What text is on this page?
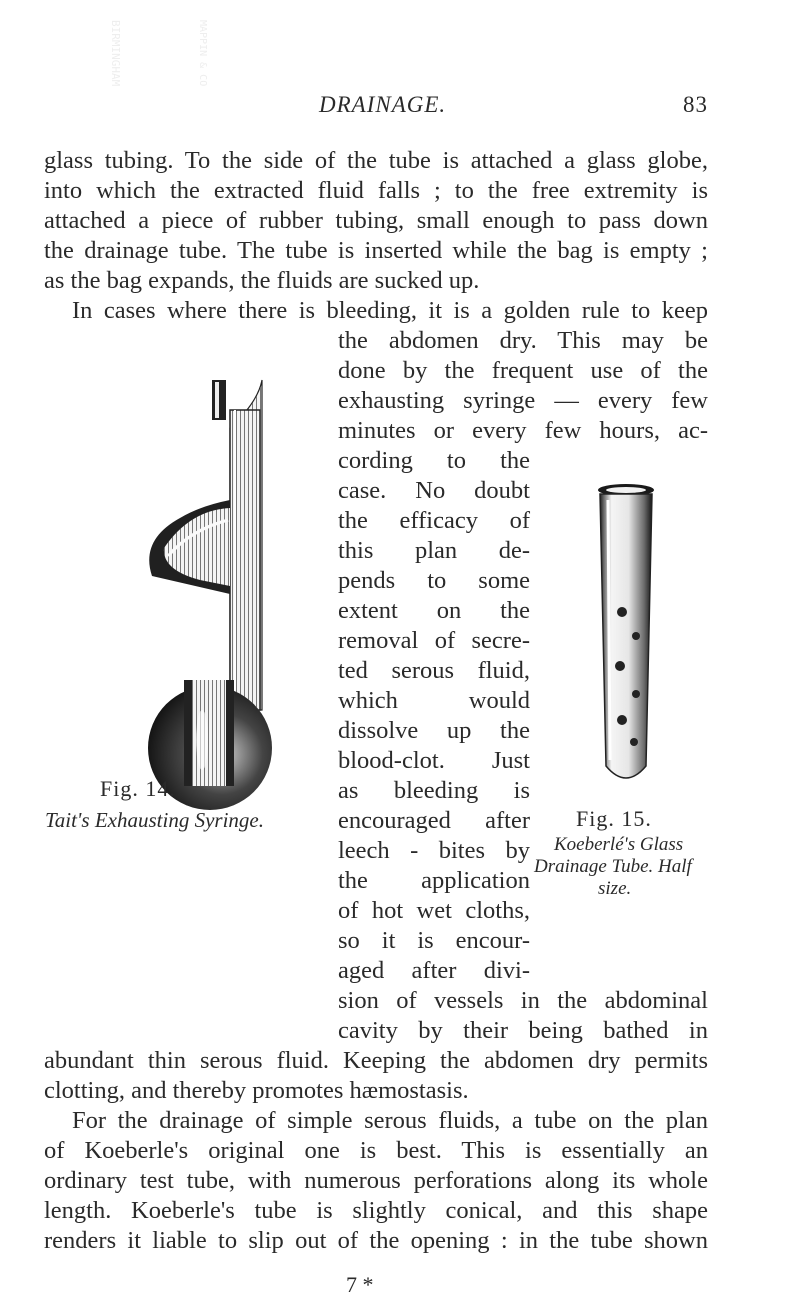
DRAINAGE.	83
glass tubing. To the side of the tube is attached a glass globe,
into which the extracted fluid falls ; to the free extremity is
attached a piece of rubber tubing, small enough to pass down
the drainage tube. The tube is inserted while the bag is empty ;
as the bag expands, the fluids are sucked up.
In cases where there is bleeding, it is a golden rule to keep
the abdomen dry. This may be
done by the frequent use of the
exhausting syringe — every few
minutes or every few hours, ac-
cording to the
case. No doubt
the efficacy of
this plan de-
pends to some
extent on the
removal of secre-
ted serous fluid,
which would
dissolve up the
blood-clot. Just
as bleeding is
encouraged after
leech - bites by
the application
of hot wet cloths,
so it is encour-
aged after divi-
sion of vessels in the abdominal
cavity by their being bathed in
abundant thin serous fluid. Keeping the abdomen dry permits
clotting, and thereby promotes hæmostasis.
For the drainage of simple serous fluids, a tube on the plan
of Koeberle's original one is best. This is essentially an
ordinary test tube, with numerous perforations along its whole
length. Koeberle's tube is slightly conical, and this shape
renders it liable to slip out of the opening : in the tube shown
7 *
BIRMINGHAM	MAPPIN & CO
Fig. 14.
Tait's Exhausting Syringe.	Fig. 15.
Koeberlé's Glass
Drainage Tube. Half
size.
